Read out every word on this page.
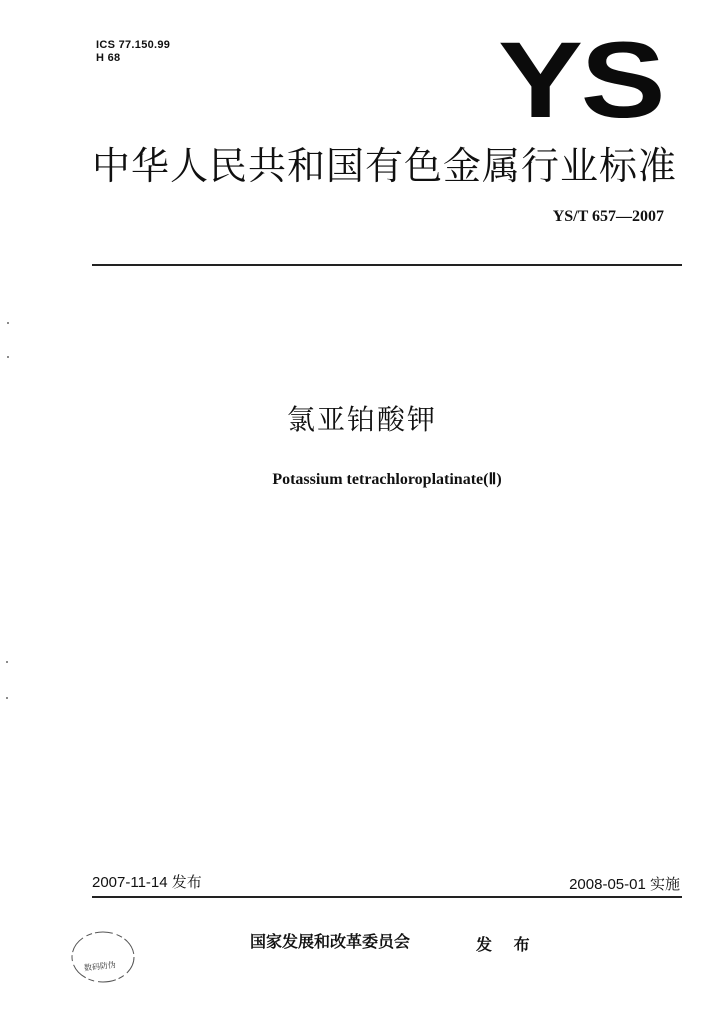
ICS 77.150.99
H 68	YS
中华人民共和国有色金属行业标准
YS/T 657—2007
氯亚铂酸钾
Potassium tetrachloroplatinate(Ⅱ)
2007-11-14 发布	2008-05-01 实施
数码防伪
国家发展和改革委员会	发 布
